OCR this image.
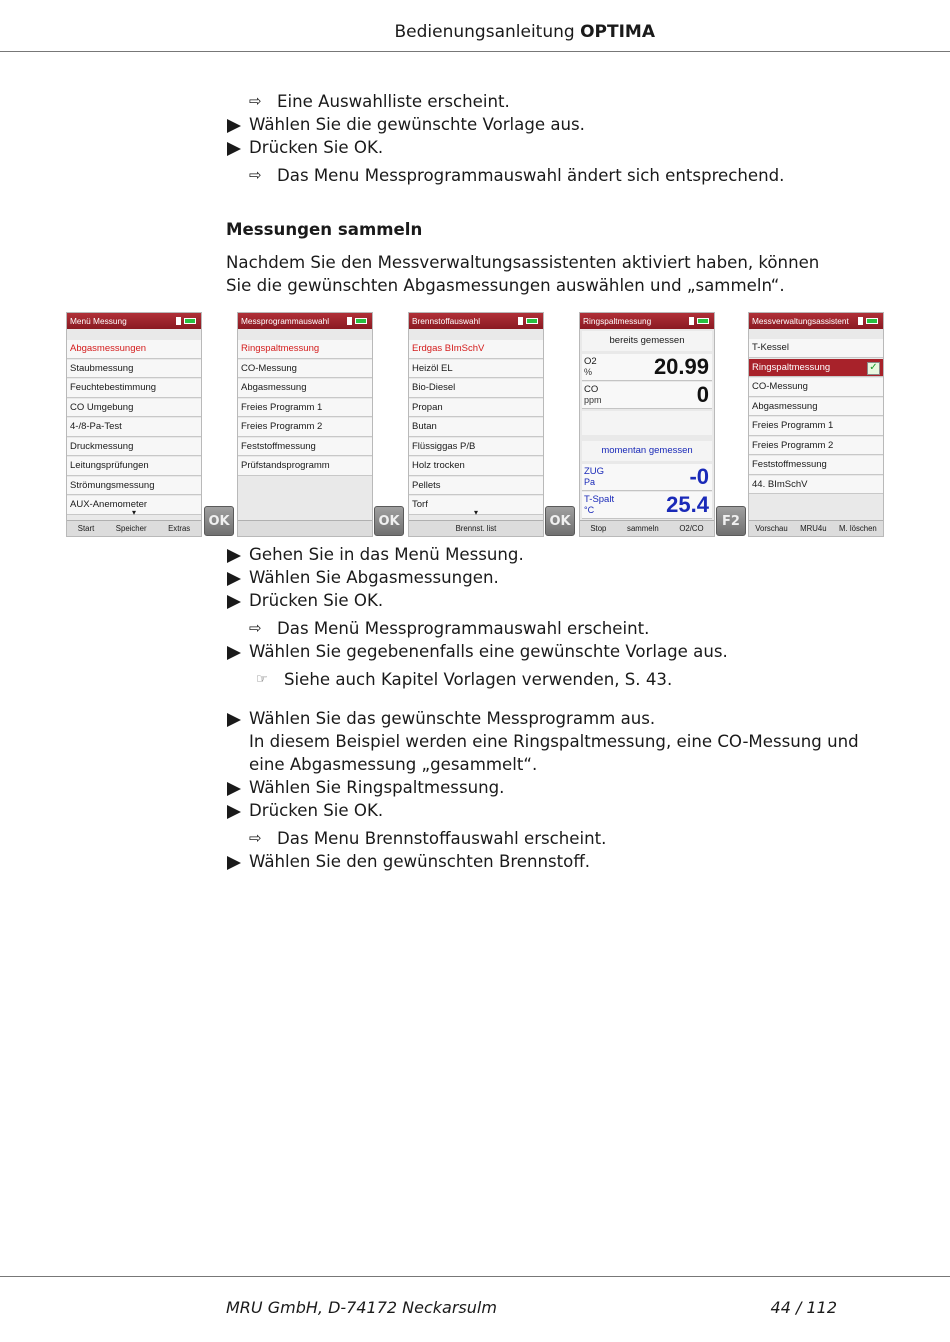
Bedienungsanleitung OPTIMA
⇨ Eine Auswahlliste erscheint.
Wählen Sie die gewünschte Vorlage aus.
Drücken Sie OK.
⇨ Das Menu Messprogrammauswahl ändert sich entsprechend.
Messungen sammeln
Nachdem Sie den Messverwaltungsassistenten aktiviert haben, können Sie die gewünschten Abgasmessungen auswählen und „sammeln“.
Menü Messung
Abgasmessungen
Staubmessung
Feuchtebestimmung
CO Umgebung
4-/8-Pa-Test
Druckmessung
Leitungsprüfungen
Strömungsmessung
AUX-Anemometer
▾
Start	Speicher	Extras	OK
Messprogrammauswahl
Ringspaltmessung
CO-Messung
Abgasmessung
Freies Programm 1
Freies Programm 2
Feststoffmessung
Prüfstandsprogramm
OK
Brennstoffauswahl
Erdgas BImSchV
Heizöl EL
Bio-Diesel
Propan
Butan
Flüssiggas P/B
Holz trocken
Pellets
Torf
▾
Brennst. list	OK
Ringspaltmessung
bereits gemessen
O2
%	20.99
CO
ppm	0
momentan gemessen
ZUG
Pa	-0
T-Spalt
°C	25.4
Stop	sammeln	O2/CO	F2
Messverwaltungsassistent
T-Kessel
Ringspaltmessung	✓
CO-Messung
Abgasmessung
Freies Programm 1
Freies Programm 2
Feststoffmessung
44. BImSchV
Vorschau MRU4u M. löschen
Gehen Sie in das Menü Messung.
Wählen Sie Abgasmessungen.
Drücken Sie OK.
⇨ Das Menü Messprogrammauswahl erscheint.
Wählen Sie gegebenenfalls eine gewünschte Vorlage aus.
☞ Siehe auch Kapitel Vorlagen verwenden, S. 43.
Wählen Sie das gewünschte Messprogramm aus.
In diesem Beispiel werden eine Ringspaltmessung, eine CO-Messung und
eine Abgasmessung „gesammelt“.
Wählen Sie Ringspaltmessung.
Drücken Sie OK.
⇨ Das Menu Brennstoffauswahl erscheint.
Wählen Sie den gewünschten Brennstoff.
MRU GmbH, D-74172 Neckarsulm	44 / 112
